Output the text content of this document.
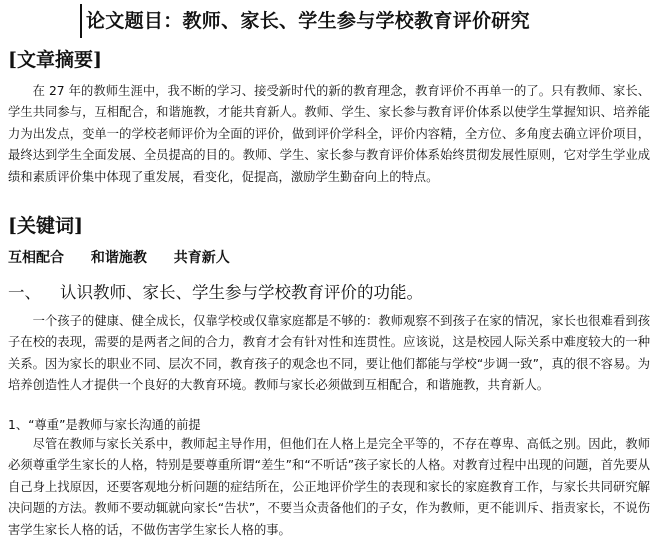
论文题目：教师、家长、学生参与学校教育评价研究
[文章摘要]

在 27 年的教师生涯中，我不断的学习、接受新时代的新的教育理念，教育评价不再单一的了。只有教师、家长、学生共同参与，互相配合，和谐施教，才能共育新人。教师、学生、家长参与教育评价体系以使学生掌握知识、培养能力为出发点，变单一的学校老师评价为全面的评价，做到评价学科全，评价内容精，全方位、多角度去确立评价项目，最终达到学生全面发展、全员提高的目的。教师、学生、家长参与教育评价体系始终贯彻发展性原则，它对学生学业成绩和素质评价集中体现了重发展，看变化，促提高，激励学生勤奋向上的特点。

[关键词]
互相配合 和谐施教 共育新人
一、 认识教师、家长、学生参与学校教育评价的功能。

一个孩子的健康、健全成长，仅靠学校或仅靠家庭都是不够的：教师观察不到孩子在家的情况，家长也很难看到孩子在校的表现，需要的是两者之间的合力，教育才会有针对性和连贯性。应该说，这是校园人际关系中难度较大的一种关系。因为家长的职业不同、层次不同，教育孩子的观念也不同，要让他们都能与学校“步调一致”，真的很不容易。为培养创造性人才提供一个良好的大教育环境。教师与家长必须做到互相配合，和谐施教，共育新人。

1、“尊重”是教师与家长沟通的前提

尽管在教师与家长关系中，教师起主导作用，但他们在人格上是完全平等的，不存在尊卑、高低之别。因此，教师必须尊重学生家长的人格，特别是要尊重所谓“差生”和“不听话”孩子家长的人格。对教育过程中出现的问题，首先要从自己身上找原因，还要客观地分析问题的症结所在，公正地评价学生的表现和家长的家庭教育工作，与家长共同研究解决问题的方法。教师不要动辄就向家长“告状”，不要当众责备他们的子女，作为教师，更不能训斥、指责家长，不说伤害学生家长人格的话，不做伤害学生家长人格的事。
